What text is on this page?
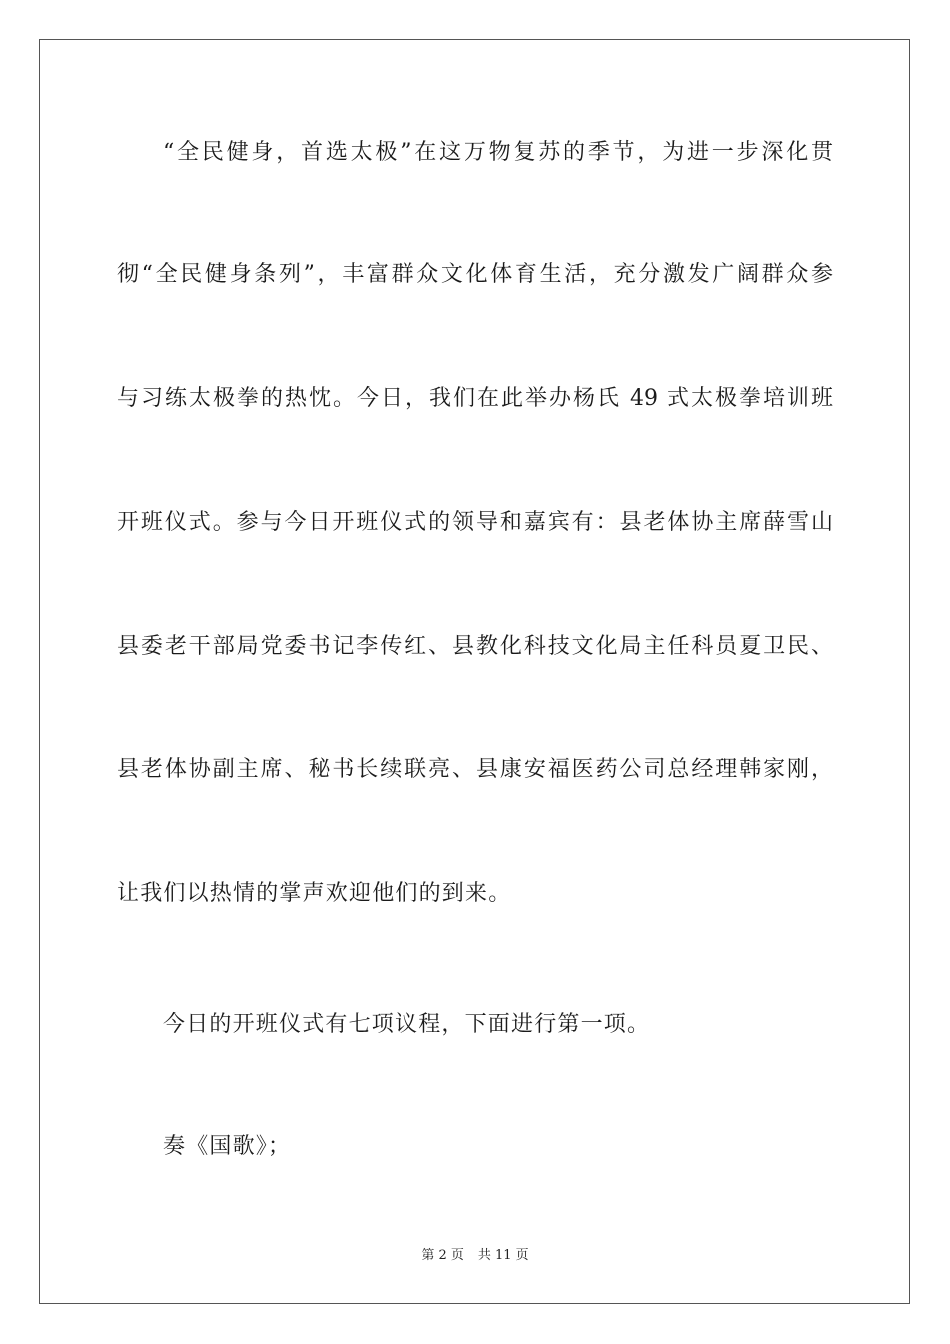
“全民健身，首选太极”在这万物复苏的季节，为进一步深化贯
彻“全民健身条列”，丰富群众文化体育生活，充分激发广阔群众参
与习练太极拳的热忱。今日，我们在此举办杨氏 49 式太极拳培训班
开班仪式。参与今日开班仪式的领导和嘉宾有：县老体协主席薛雪山
县委老干部局党委书记李传红、县教化科技文化局主任科员夏卫民、
县老体协副主席、秘书长续联亮、县康安福医药公司总经理韩家刚，
让我们以热情的掌声欢迎他们的到来。
今日的开班仪式有七项议程，下面进行第一项。
奏《国歌》；
第 2 页 共 11 页
